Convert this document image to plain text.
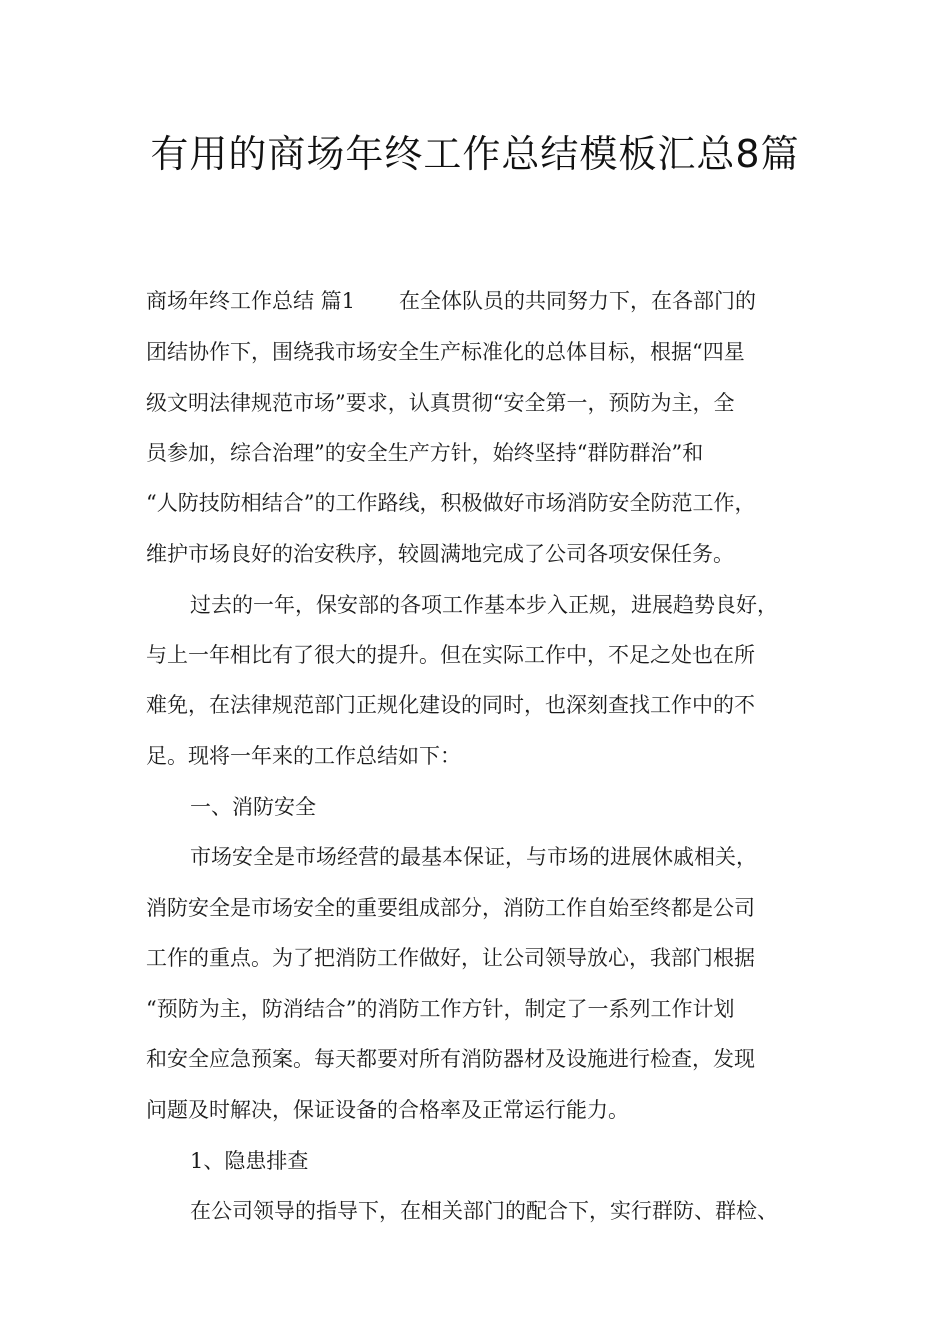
有用的商场年终工作总结模板汇总8篇
商场年终工作总结 篇1 在全体队员的共同努力下，在各部门的
团结协作下，围绕我市场安全生产标准化的总体目标，根据“四星
级文明法律规范市场”要求，认真贯彻“安全第一，预防为主，全
员参加，综合治理”的安全生产方针，始终坚持“群防群治”和
“人防技防相结合”的工作路线，积极做好市场消防安全防范工作，
维护市场良好的治安秩序，较圆满地完成了公司各项安保任务。
过去的一年，保安部的各项工作基本步入正规，进展趋势良好，
与上一年相比有了很大的提升。但在实际工作中，不足之处也在所
难免，在法律规范部门正规化建设的同时，也深刻查找工作中的不
足。现将一年来的工作总结如下：
一、消防安全
市场安全是市场经营的最基本保证，与市场的进展休戚相关，
消防安全是市场安全的重要组成部分，消防工作自始至终都是公司
工作的重点。为了把消防工作做好，让公司领导放心，我部门根据
“预防为主，防消结合”的消防工作方针，制定了一系列工作计划
和安全应急预案。每天都要对所有消防器材及设施进行检查，发现
问题及时解决，保证设备的合格率及正常运行能力。
1、隐患排查
在公司领导的指导下，在相关部门的配合下，实行群防、群检、
